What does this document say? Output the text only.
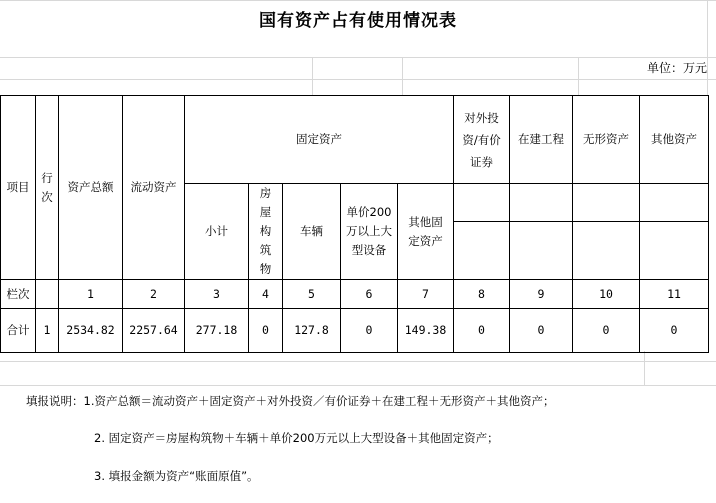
国有资产占有使用情况表
单位：万元
项目	行次	资产总额	流动资产	固定资产					对外投资/有价证券	在建工程	无形资产	其他资产
				小计	房屋构筑物	车辆	单价200万以上大型设备	其他固定资产				

栏次		1	2	3	4	5	6	7	8	9	10	11
合计	1	2534.82	2257.64	277.18	0	127.8	0	149.38	0	0	0	0
填报说明：1.资产总额＝流动资产＋固定资产＋对外投资／有价证券＋在建工程＋无形资产＋其他资产；
2. 固定资产＝房屋构筑物＋车辆＋单价200万元以上大型设备＋其他固定资产；
3. 填报金额为资产“账面原值”。
